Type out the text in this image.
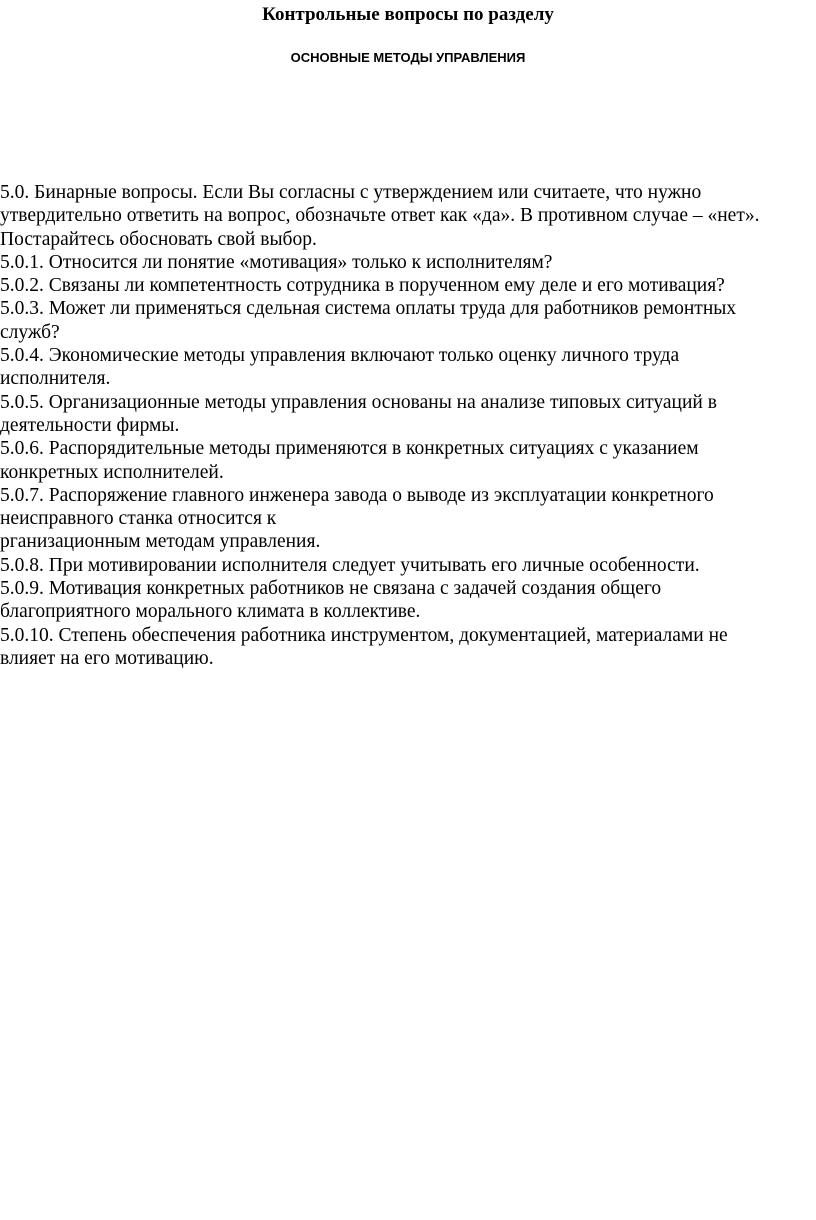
Контрольные вопросы по разделу
ОСНОВНЫЕ МЕТОДЫ УПРАВЛЕНИЯ
5.0. Бинарные вопросы. Если Вы согласны с утверждением или считаете, что нужно
утвердительно ответить на вопрос, обозначьте ответ как «да». В противном случае – «нет».
Постарайтесь обосновать свой выбор.
5.0.1. Относится ли понятие «мотивация» только к исполнителям?
5.0.2. Связаны ли компетентность сотрудника в порученном ему деле и его мотивация?
5.0.3. Может ли применяться сдельная система оплаты труда для работников ремонтных
служб?
5.0.4. Экономические методы управления включают только оценку личного труда
исполнителя.
5.0.5. Организационные методы управления основаны на анализе типовых ситуаций в
деятельности фирмы.
5.0.6. Распорядительные методы применяются в конкретных ситуациях с указанием
конкретных исполнителей.
5.0.7. Распоряжение главного инженера завода о выводе из эксплуатации конкретного
неисправного станка относится к
рганизационным методам управления.
5.0.8. При мотивировании исполнителя следует учитывать его личные особенности.
5.0.9. Мотивация конкретных работников не связана с задачей создания общего
благоприятного морального климата в коллективе.
5.0.10. Степень обеспечения работника инструментом, документацией, материалами не
влияет на его мотивацию.
